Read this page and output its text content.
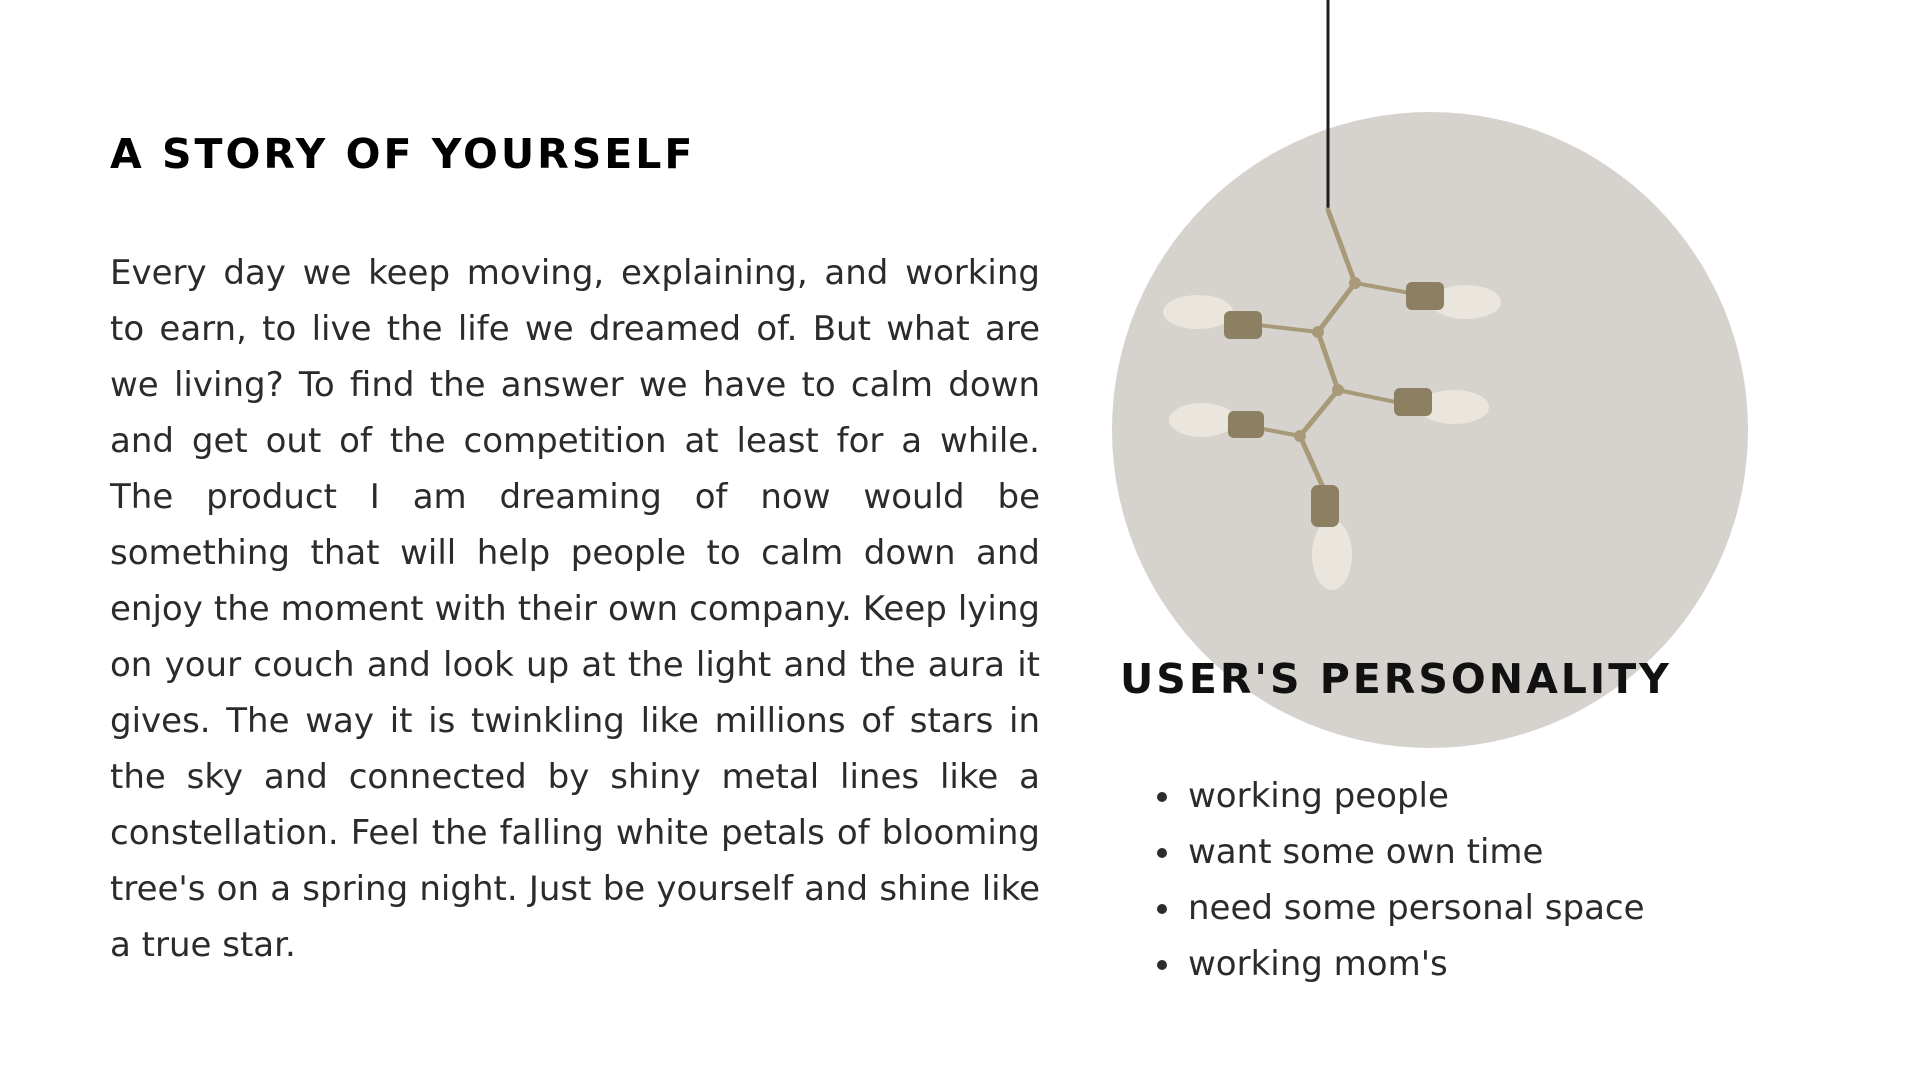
A STORY OF YOURSELF

Every day we keep moving, explaining, and working to earn, to live the life we dreamed of. But what are we living? To find the answer we have to calm down and get out of the competition at least for a while. The product I am dreaming of now would be something that will help people to calm down and enjoy the moment with their own company. Keep lying on your couch and look up at the light and the aura it gives. The way it is twinkling like millions of stars in the sky and connected by shiny metal lines like a constellation. Feel the falling white petals of blooming tree's on a spring night. Just be yourself and shine like a true star.

USER'S PERSONALITY
• working people
• want some own time
• need some personal space
• working mom's
